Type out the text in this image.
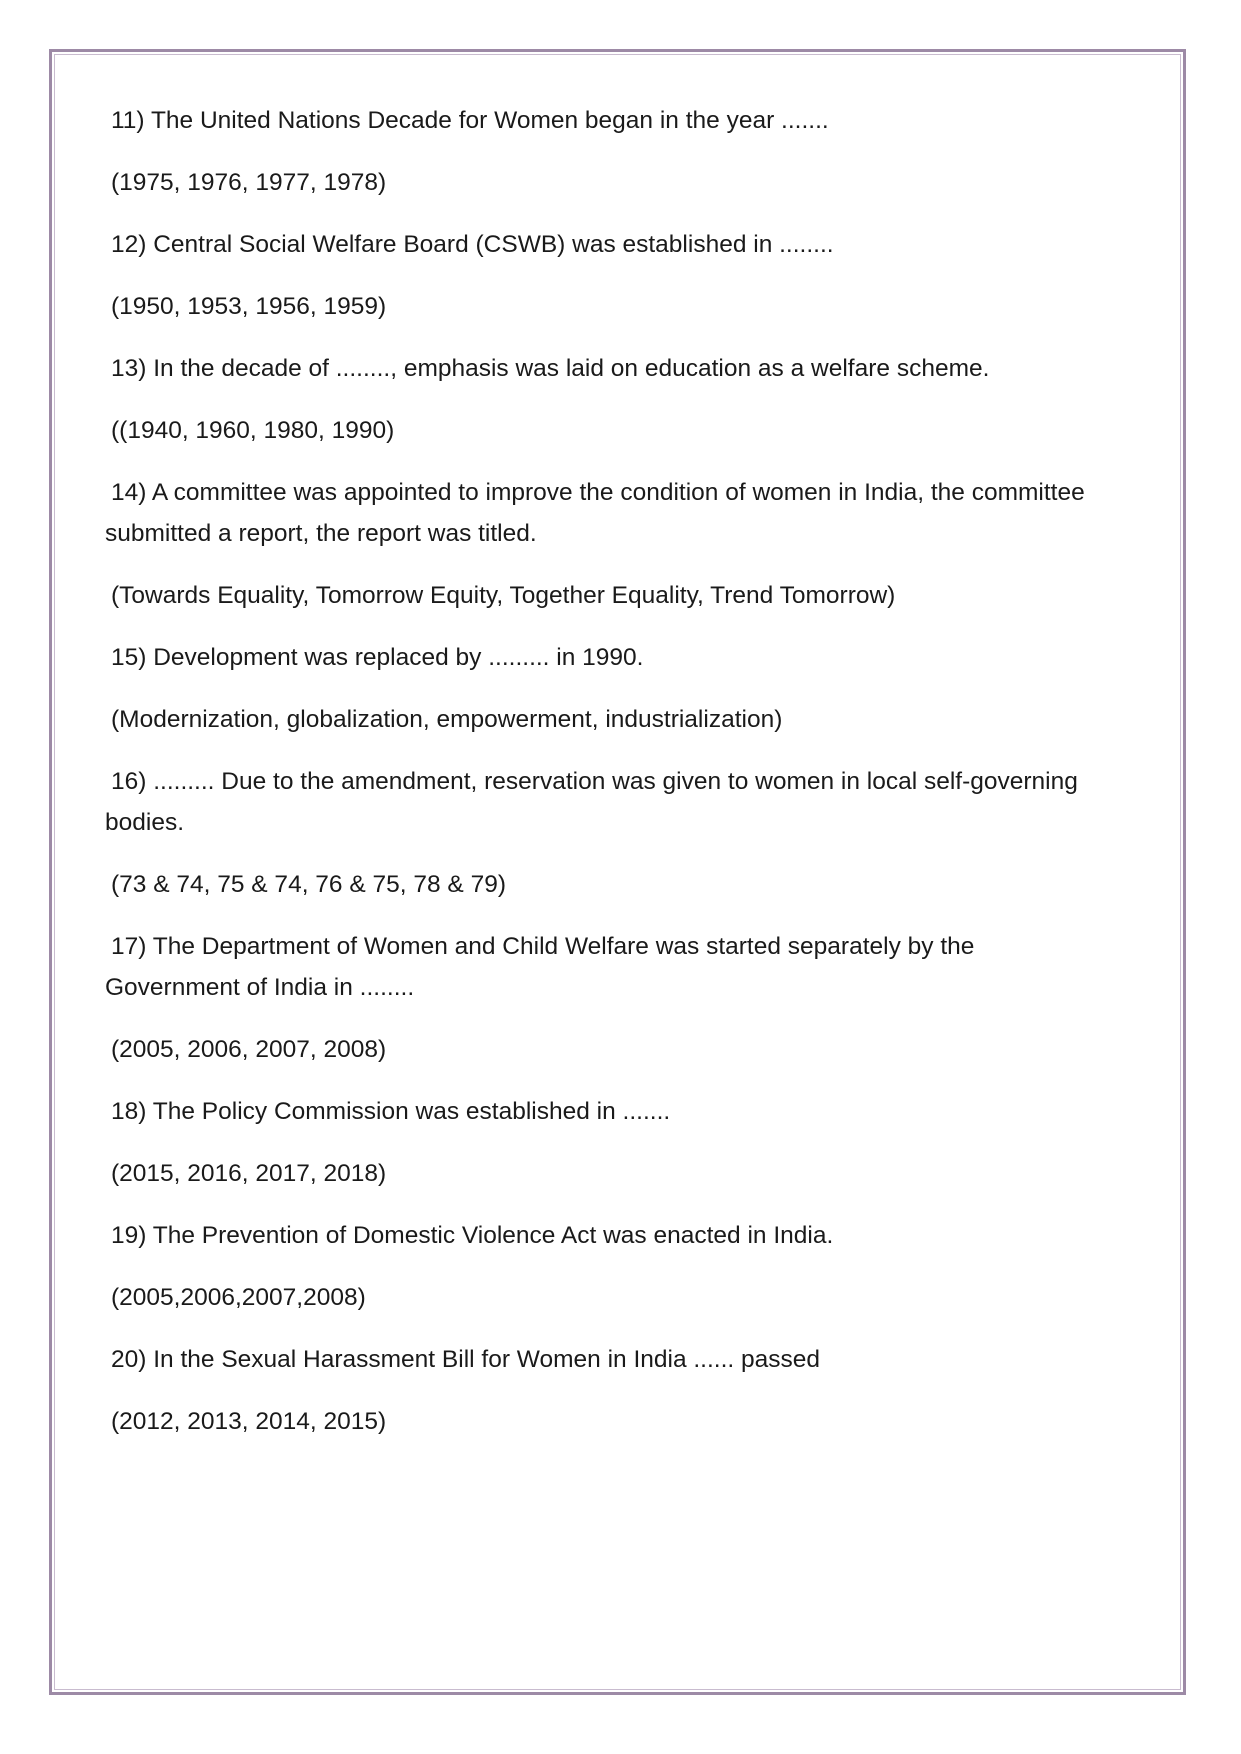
11) The United Nations Decade for Women began in the year .......

(1975, 1976, 1977, 1978)

12) Central Social Welfare Board (CSWB) was established in ........

(1950, 1953, 1956, 1959)

13) In the decade of ........, emphasis was laid on education as a welfare scheme.

((1940, 1960, 1980, 1990)

14) A committee was appointed to improve the condition of women in India, the committee submitted a report, the report was titled.

(Towards Equality, Tomorrow Equity, Together Equality, Trend Tomorrow)

15) Development was replaced by ......... in 1990.

(Modernization, globalization, empowerment, industrialization)

16) ......... Due to the amendment, reservation was given to women in local self-governing bodies.

(73 & 74, 75 & 74, 76 & 75, 78 & 79)

17) The Department of Women and Child Welfare was started separately by the Government of India in ........

(2005, 2006, 2007, 2008)

18) The Policy Commission was established in .......

(2015, 2016, 2017, 2018)

19) The Prevention of Domestic Violence Act was enacted in India.

(2005,2006,2007,2008)

20) In the Sexual Harassment Bill for Women in India ...... passed

(2012, 2013, 2014, 2015)
